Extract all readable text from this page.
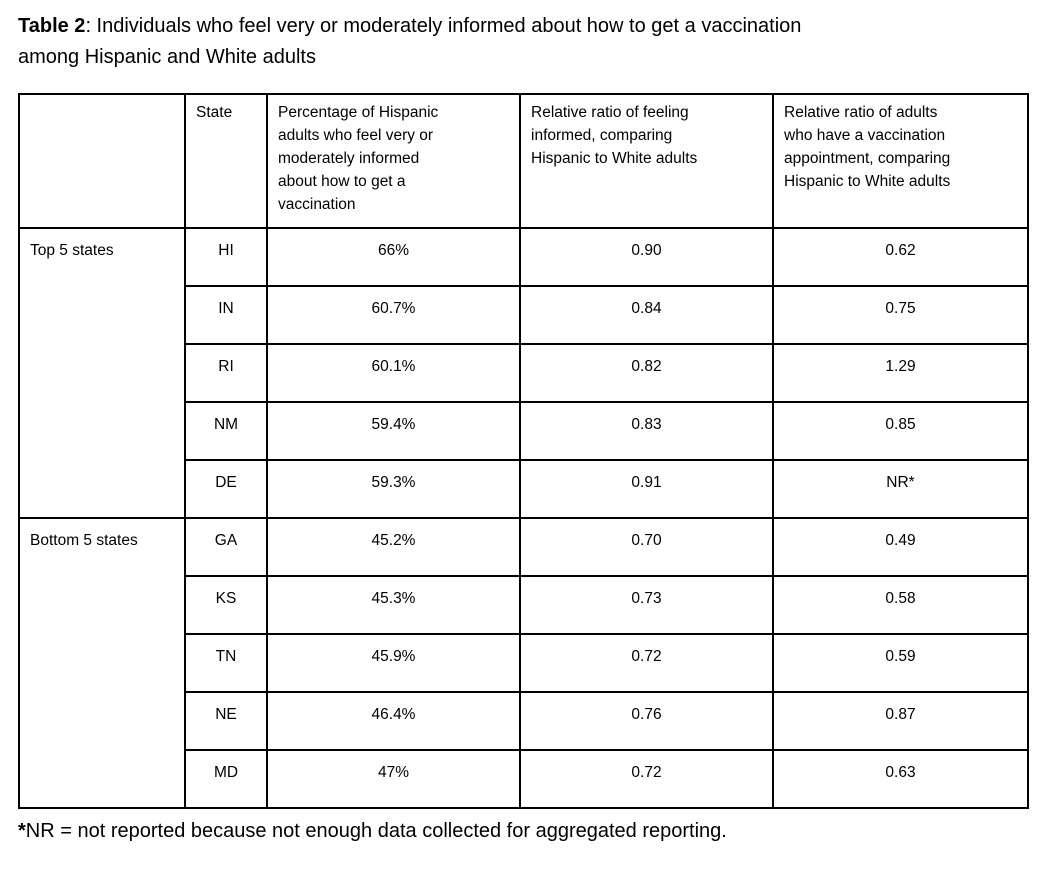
Table 2: Individuals who feel very or moderately informed about how to get a vaccination
among Hispanic and White adults

	State	Percentage of Hispanic
adults who feel very or
moderately informed
about how to get a
vaccination	Relative ratio of feeling
informed, comparing
Hispanic to White adults	Relative ratio of adults
who have a vaccination
appointment, comparing
Hispanic to White adults

Top 5 states	HI	66%	0.90	0.62
	IN	60.7%	0.84	0.75
	RI	60.1%	0.82	1.29
	NM	59.4%	0.83	0.85
	DE	59.3%	0.91	NR*
Bottom 5 states	GA	45.2%	0.70	0.49
	KS	45.3%	0.73	0.58
	TN	45.9%	0.72	0.59
	NE	46.4%	0.76	0.87
	MD	47%	0.72	0.63
*NR = not reported because not enough data collected for aggregated reporting.
